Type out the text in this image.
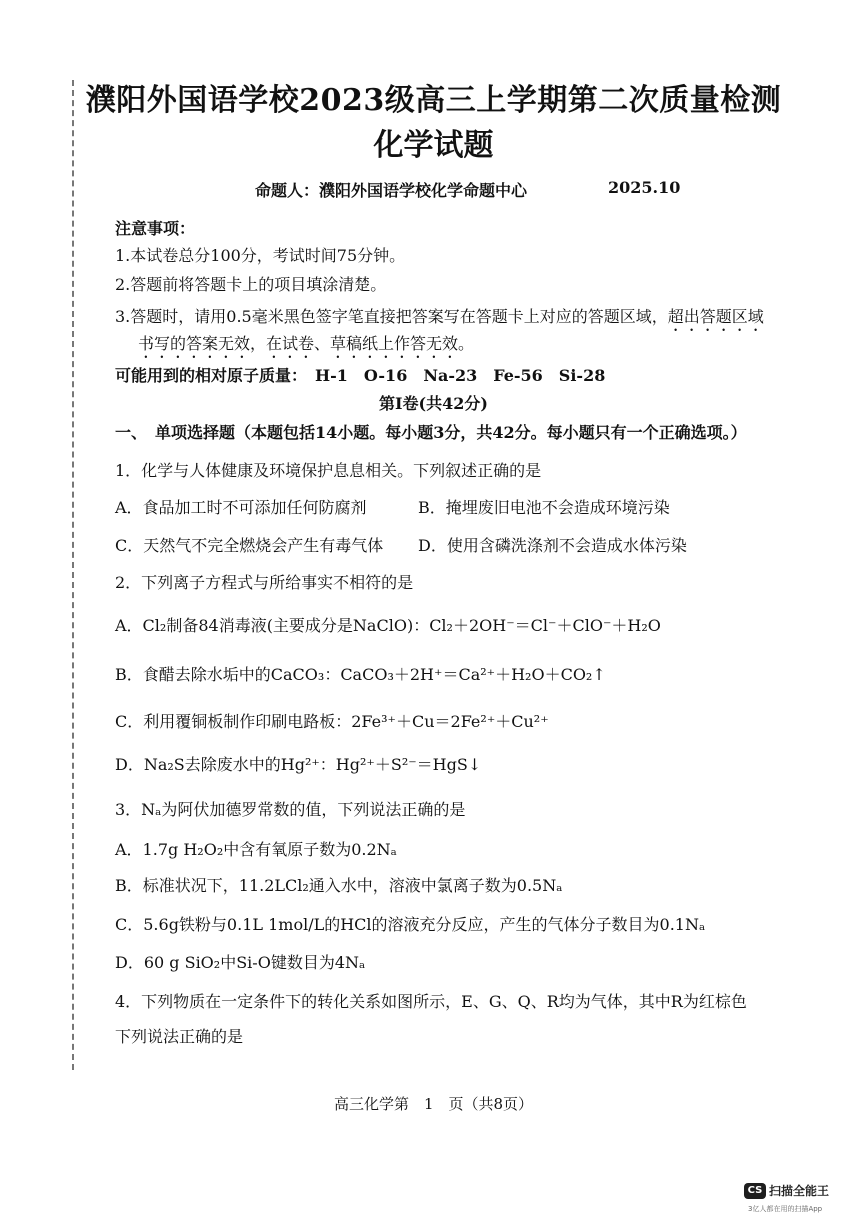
濮阳外国语学校2023级高三上学期第二次质量检测
化学试题
命题人：濮阳外国语学校化学命题中心	2025.10
注意事项：
1.本试卷总分100分，考试时间75分钟。
2.答题前将答题卡上的项目填涂清楚。
3.答题时，请用0.5毫米黑色签字笔直接把答案写在答题卡上对应的答题区域，超出答题区域
书写的答案无效，在试卷、草稿纸上作答无效。
可能用到的相对原子质量：　H-1　O-16　Na-23　Fe-56　Si-28
第Ⅰ卷(共42分)
一、　单项选择题（本题包括14小题。每小题3分，共42分。每小题只有一个正确选项。）
1．化学与人体健康及环境保护息息相关。下列叙述正确的是
A．食品加工时不可添加任何防腐剂	B．掩埋废旧电池不会造成环境污染
C．天然气不完全燃烧会产生有毒气体 D．使用含磷洗涤剂不会造成水体污染
2．下列离子方程式与所给事实不相符的是
A．Cl₂制备84消毒液(主要成分是NaClO)：Cl₂＋2OH⁻＝Cl⁻＋ClO⁻＋H₂O
B．食醋去除水垢中的CaCO₃：CaCO₃＋2H⁺＝Ca²⁺＋H₂O＋CO₂↑
C．利用覆铜板制作印刷电路板：2Fe³⁺＋Cu＝2Fe²⁺＋Cu²⁺
D．Na₂S去除废水中的Hg²⁺：Hg²⁺＋S²⁻＝HgS↓
3．Nₐ为阿伏加德罗常数的值，下列说法正确的是
A．1.7g H₂O₂中含有氧原子数为0.2Nₐ
B．标准状况下，11.2LCl₂通入水中，溶液中氯离子数为0.5Nₐ
C．5.6g铁粉与0.1L 1mol/L的HCl的溶液充分反应，产生的气体分子数目为0.1Nₐ
D．60 g SiO₂中Si-O键数目为4Nₐ
4．下列物质在一定条件下的转化关系如图所示，E、G、Q、R均为气体，其中R为红棕色
下列说法正确的是
高三化学第　1　页（共8页）
CS 扫描全能王
3亿人都在用的扫描App
